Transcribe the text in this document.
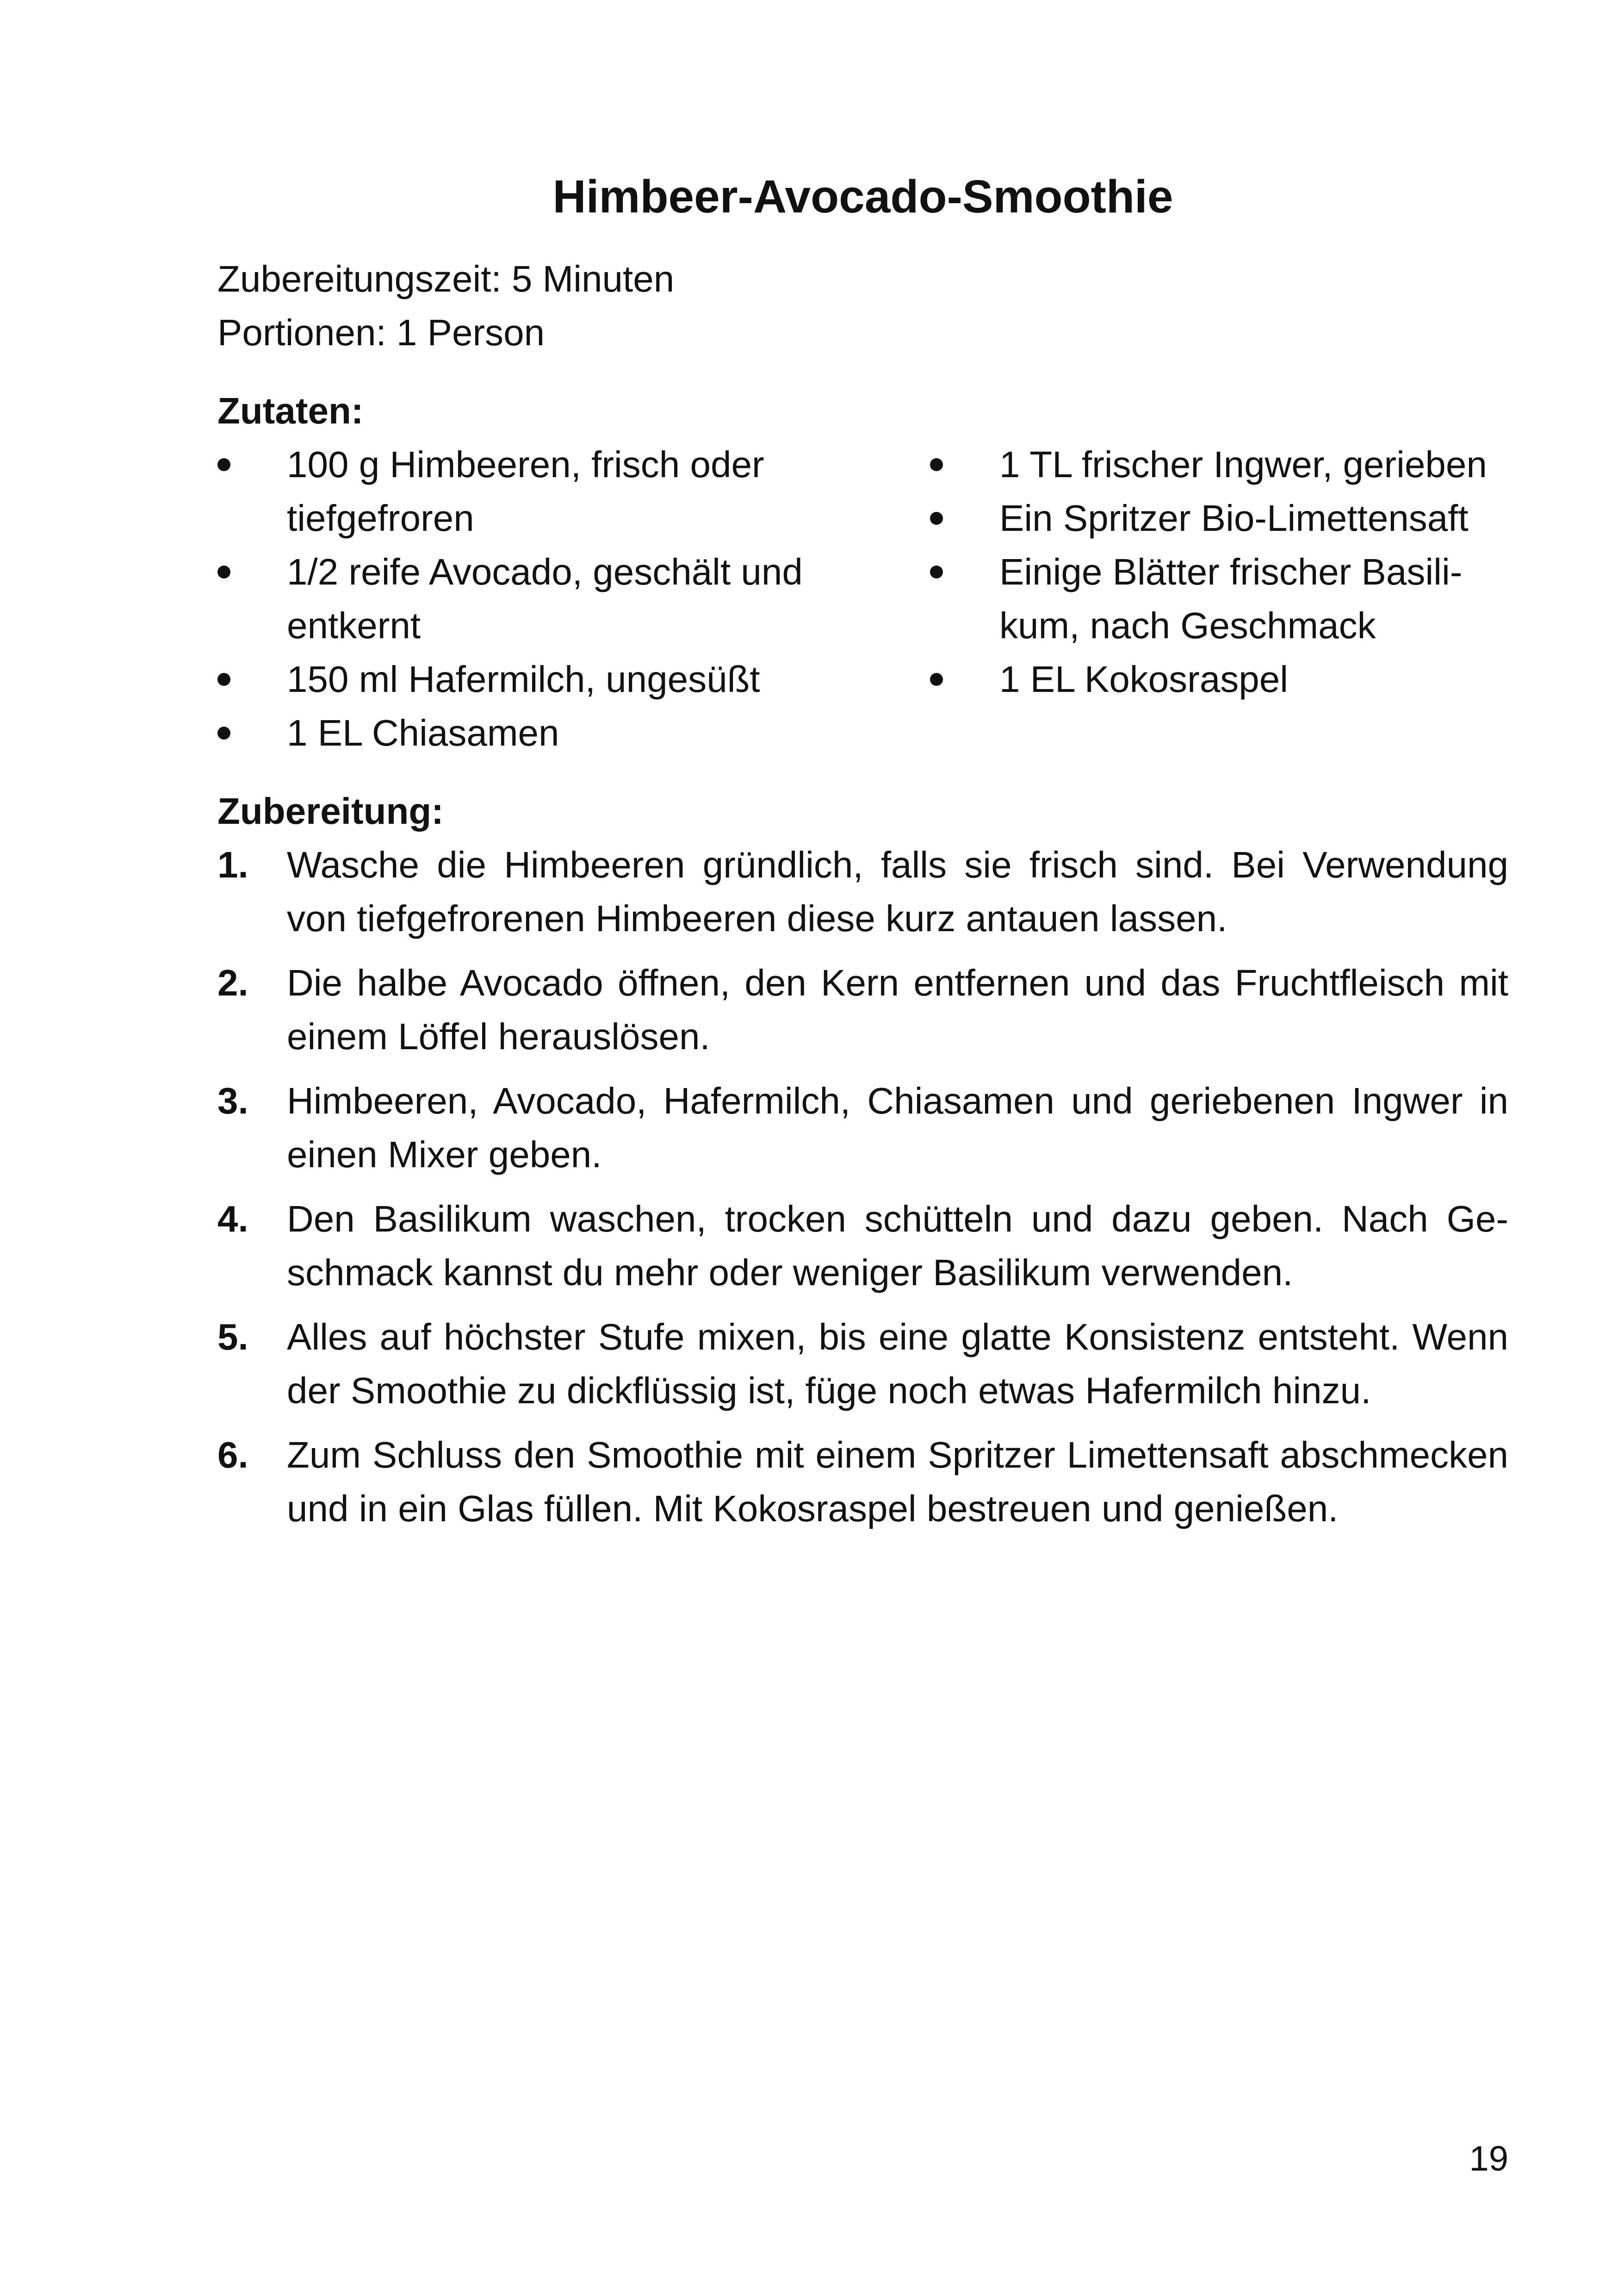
Himbeer-Avocado-Smoothie
Zubereitungszeit: 5 Minuten
Portionen: 1 Person
Zutaten:
100 g Himbeeren, frisch oder tiefgefroren
1/2 reife Avocado, geschält und entkernt
150 ml Hafermilch, ungesüßt
1 EL Chiasamen
1 TL frischer Ingwer, gerieben
Ein Spritzer Bio-Limettensaft
Einige Blätter frischer Basilikum, nach Geschmack
1 EL Kokosraspel
Zubereitung:
1. Wasche die Himbeeren gründlich, falls sie frisch sind. Bei Verwendung von tiefgefrorenen Himbeeren diese kurz antauen lassen.
2. Die halbe Avocado öffnen, den Kern entfernen und das Fruchtfleisch mit einem Löffel herauslösen.
3. Himbeeren, Avocado, Hafermilch, Chiasamen und geriebenen Ingwer in einen Mixer geben.
4. Den Basilikum waschen, trocken schütteln und dazu geben. Nach Geschmack kannst du mehr oder weniger Basilikum verwenden.
5. Alles auf höchster Stufe mixen, bis eine glatte Konsistenz entsteht. Wenn der Smoothie zu dickflüssig ist, füge noch etwas Hafermilch hinzu.
6. Zum Schluss den Smoothie mit einem Spritzer Limettensaft abschmecken und in ein Glas füllen. Mit Kokosraspel bestreuen und genießen.
19
